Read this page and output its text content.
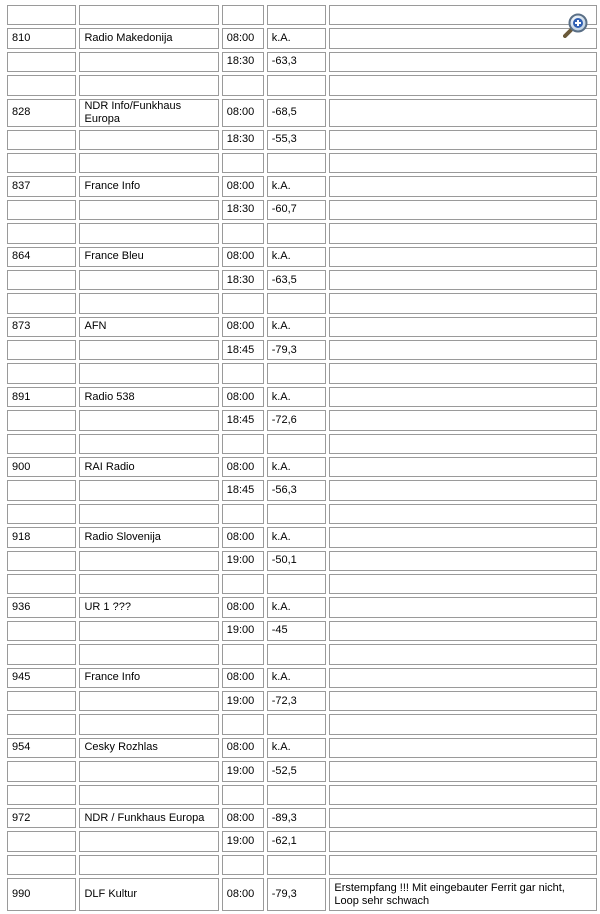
810	Radio Makedonija	08:00	k.A.	
		18:30	-63,3	

828	NDR Info/Funkhaus Europa	08:00	-68,5	
		18:30	-55,3	

837	France Info	08:00	k.A.	
		18:30	-60,7	

864	France Bleu	08:00	k.A.	
		18:30	-63,5	

873	AFN	08:00	k.A.	
		18:45	-79,3	

891	Radio 538	08:00	k.A.	
		18:45	-72,6	

900	RAI Radio	08:00	k.A.	
		18:45	-56,3	

918	Radio Slovenija	08:00	k.A.	
		19:00	-50,1	

936	UR 1 ???	08:00	k.A.	
		19:00	-45	

945	France Info	08:00	k.A.	
		19:00	-72,3	

954	Cesky Rozhlas	08:00	k.A.	
		19:00	-52,5	

972	NDR / Funkhaus Europa	08:00	-89,3	
		19:00	-62,1	

990	DLF Kultur	08:00	-79,3	Erstempfang !!! Mit eingebauter Ferrit gar nicht, Loop sehr schwach
